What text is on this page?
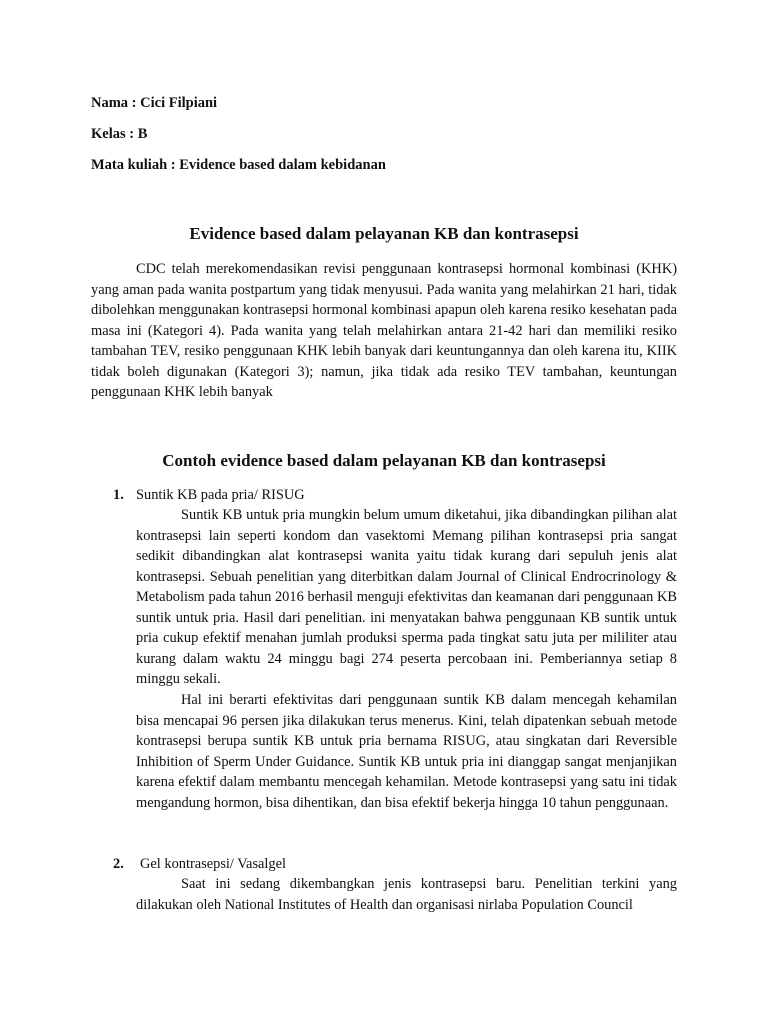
Nama : Cici Filpiani

Kelas : B

Mata kuliah : Evidence based dalam kebidanan

Evidence based dalam pelayanan KB dan kontrasepsi

CDC telah merekomendasikan revisi penggunaan kontrasepsi hormonal kombinasi (KHK) yang aman pada wanita postpartum yang tidak menyusui. Pada wanita yang melahirkan 21 hari, tidak dibolehkan menggunakan kontrasepsi hormonal kombinasi apapun oleh karena resiko kesehatan pada masa ini (Kategori 4). Pada wanita yang telah melahirkan antara 21-42 hari dan memiliki resiko tambahan TEV, resiko penggunaan KHK lebih banyak dari keuntungannya dan oleh karena itu, KIIK tidak boleh digunakan (Kategori 3); namun, jika tidak ada resiko TEV tambahan, keuntungan penggunaan KHK lebih banyak

Contoh evidence based dalam pelayanan KB dan kontrasepsi

1. Suntik KB pada pria/ RISUG

Suntik KB untuk pria mungkin belum umum diketahui, jika dibandingkan pilihan alat kontrasepsi lain seperti kondom dan vasektomi Memang pilihan kontrasepsi pria sangat sedikit dibandingkan alat kontrasepsi wanita yaitu tidak kurang dari sepuluh jenis alat kontrasepsi. Sebuah penelitian yang diterbitkan dalam Journal of Clinical Endrocrinology & Metabolism pada tahun 2016 berhasil menguji efektivitas dan keamanan dari penggunaan KB suntik untuk pria. Hasil dari penelitian. ini menyatakan bahwa penggunaan KB suntik untuk pria cukup efektif menahan jumlah produksi sperma pada tingkat satu juta per mililiter atau kurang dalam waktu 24 minggu bagi 274 peserta percobaan ini. Pemberiannya setiap 8 minggu sekali.

Hal ini berarti efektivitas dari penggunaan suntik KB dalam mencegah kehamilan bisa mencapai 96 persen jika dilakukan terus menerus. Kini, telah dipatenkan sebuah metode kontrasepsi berupa suntik KB untuk pria bernama RISUG, atau singkatan dari Reversible Inhibition of Sperm Under Guidance. Suntik KB untuk pria ini dianggap sangat menjanjikan karena efektif dalam membantu mencegah kehamilan. Metode kontrasepsi yang satu ini tidak mengandung hormon, bisa dihentikan, dan bisa efektif bekerja hingga 10 tahun penggunaan.

2. Gel kontrasepsi/ Vasalgel

Saat ini sedang dikembangkan jenis kontrasepsi baru. Penelitian terkini yang dilakukan oleh National Institutes of Health dan organisasi nirlaba Population Council
